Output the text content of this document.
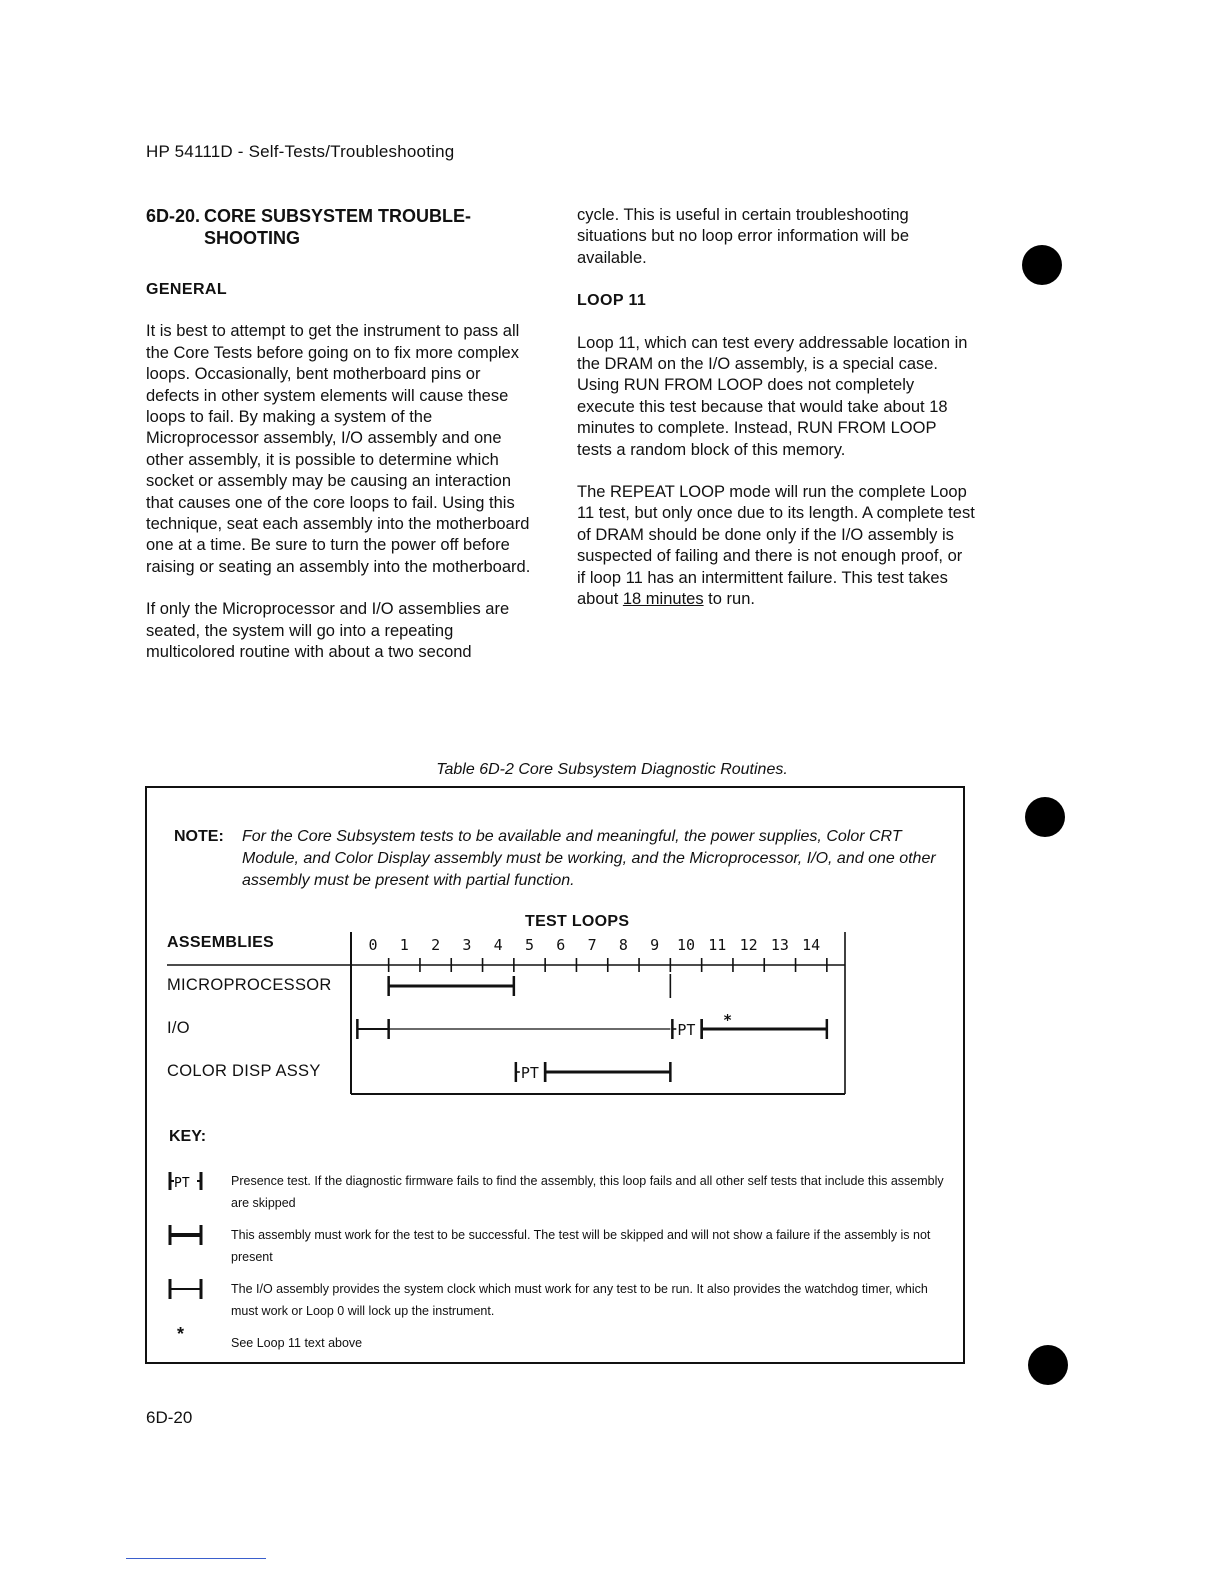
HP 54111D - Self-Tests/Troubleshooting
6D-20. CORE SUBSYSTEM TROUBLE-
SHOOTING
GENERAL

It is best to attempt to get the instrument to pass all the Core Tests before going on to fix more complex loops. Occasionally, bent motherboard pins or defects in other system elements will cause these loops to fail. By making a system of the Microprocessor assembly, I/O assembly and one other assembly, it is possible to determine which socket or assembly may be causing an interaction that causes one of the core loops to fail. Using this technique, seat each assembly into the motherboard one at a time. Be sure to turn the power off before raising or seating an assembly into the motherboard.

If only the Microprocessor and I/O assemblies are seated, the system will go into a repeating multicolored routine with about a two second

cycle. This is useful in certain troubleshooting situations but no loop error information will be available.

LOOP 11

Loop 11, which can test every addressable location in the DRAM on the I/O assembly, is a special case. Using RUN FROM LOOP does not completely execute this test because that would take about 18 minutes to complete. Instead, RUN FROM LOOP tests a random block of this memory.

The REPEAT LOOP mode will run the complete Loop 11 test, but only once due to its length. A complete test of DRAM should be done only if the I/O assembly is suspected of failing and there is not enough proof, or if loop 11 has an intermittent failure. This test takes about 18 minutes to run.

Table 6D-2 Core Subsystem Diagnostic Routines.
NOTE: For the Core Subsystem tests to be available and meaningful, the power supplies, Color CRT Module, and Color Display assembly must be working, and the Microprocessor, I/O, and one other assembly must be present with partial function.
TEST LOOPS
ASSEMBLIES
MICROPROCESSOR
I/O
COLOR DISP ASSY
0 1 2 3 4 5 6 7 8 9 10 11 12 13 14
PT
*
PT
KEY:
PT
*
Presence test. If the diagnostic firmware fails to find the assembly, this loop fails and all other self tests that include this assembly are skipped
This assembly must work for the test to be successful. The test will be skipped and will not show a failure if the assembly is not present
The I/O assembly provides the system clock which must work for any test to be run. It also provides the watchdog timer, which must work or Loop 0 will lock up the instrument.
See Loop 11 text above
6D-20
